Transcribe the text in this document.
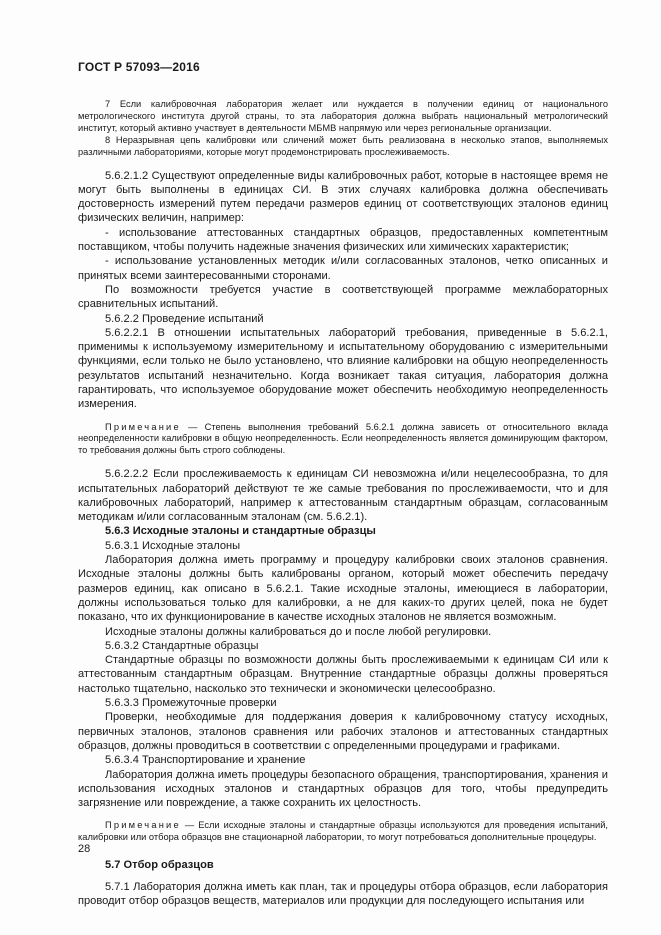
ГОСТ Р 57093—2016

7 Если калибровочная лаборатория желает или нуждается в получении единиц от национального метрологического института другой страны, то эта лаборатория должна выбрать национальный метрологический институт, который активно участвует в деятельности МБМВ напрямую или через региональные организации.

8 Неразрывная цепь калибровки или сличений может быть реализована в несколько этапов, выполняемых различными лабораториями, которые могут продемонстрировать прослеживаемость.

5.6.2.1.2 Существуют определенные виды калибровочных работ, которые в настоящее время не могут быть выполнены в единицах СИ. В этих случаях калибровка должна обеспечивать достоверность измерений путем передачи размеров единиц от соответствующих эталонов единиц физических величин, например:

- использование аттестованных стандартных образцов, предоставленных компетентным поставщиком, чтобы получить надежные значения физических или химических характеристик;

- использование установленных методик и/или согласованных эталонов, четко описанных и принятых всеми заинтересованными сторонами.

По возможности требуется участие в соответствующей программе межлабораторных сравнительных испытаний.

5.6.2.2 Проведение испытаний

5.6.2.2.1 В отношении испытательных лабораторий требования, приведенные в 5.6.2.1, применимы к используемому измерительному и испытательному оборудованию с измерительными функциями, если только не было установлено, что влияние калибровки на общую неопределенность результатов испытаний незначительно. Когда возникает такая ситуация, лаборатория должна гарантировать, что используемое оборудование может обеспечить необходимую неопределенность измерения.

Примечание — Степень выполнения требований 5.6.2.1 должна зависеть от относительного вклада неопределенности калибровки в общую неопределенность. Если неопределенность является доминирующим фактором, то требования должны быть строго соблюдены.

5.6.2.2.2 Если прослеживаемость к единицам СИ невозможна и/или нецелесообразна, то для испытательных лабораторий действуют те же самые требования по прослеживаемости, что и для калибровочных лабораторий, например к аттестованным стандартным образцам, согласованным методикам и/или согласованным эталонам (см. 5.6.2.1).

5.6.3 Исходные эталоны и стандартные образцы

5.6.3.1 Исходные эталоны

Лаборатория должна иметь программу и процедуру калибровки своих эталонов сравнения. Исходные эталоны должны быть калиброваны органом, который может обеспечить передачу размеров единиц, как описано в 5.6.2.1. Такие исходные эталоны, имеющиеся в лаборатории, должны использоваться только для калибровки, а не для каких-то других целей, пока не будет показано, что их функционирование в качестве исходных эталонов не является возможным.

Исходные эталоны должны калиброваться до и после любой регулировки.

5.6.3.2 Стандартные образцы

Стандартные образцы по возможности должны быть прослеживаемыми к единицам СИ или к аттестованным стандартным образцам. Внутренние стандартные образцы должны проверяться настолько тщательно, насколько это технически и экономически целесообразно.

5.6.3.3 Промежуточные проверки

Проверки, необходимые для поддержания доверия к калибровочному статусу исходных, первичных эталонов, эталонов сравнения или рабочих эталонов и аттестованных стандартных образцов, должны проводиться в соответствии с определенными процедурами и графиками.

5.6.3.4 Транспортирование и хранение

Лаборатория должна иметь процедуры безопасного обращения, транспортирования, хранения и использования исходных эталонов и стандартных образцов для того, чтобы предупредить загрязнение или повреждение, а также сохранить их целостность.

Примечание — Если исходные эталоны и стандартные образцы используются для проведения испытаний, калибровки или отбора образцов вне стационарной лаборатории, то могут потребоваться дополнительные процедуры.

5.7 Отбор образцов

5.7.1 Лаборатория должна иметь как план, так и процедуры отбора образцов, если лаборатория проводит отбор образцов веществ, материалов или продукции для последующего испытания или

28
